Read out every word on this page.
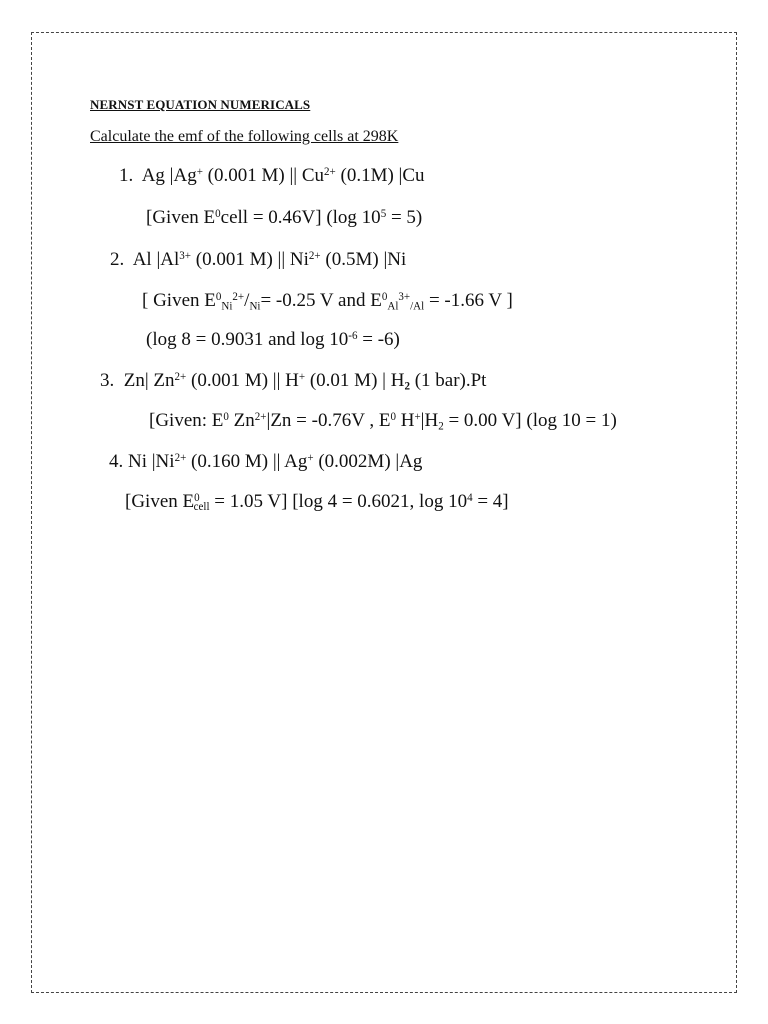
NERNST EQUATION NUMERICALS
Calculate the emf of the following cells at 298K
1. Ag |Ag+ (0.001 M) || $Cu^{2+}$ (0.1M) |Cu
[Given $E^0cell = 0.46V$] (log $10^5 = 5$)
2. Al $|Al^{3+}$ (0.001 M) || $Ni^{2+}$ (0.5M) |Ni
[ Given $E^0_{Ni}^{2+}/_{Ni}= -0.25$ V and $E^0_{Al}^{3+}_{/Al} = -1.66$ V ]
(log 8 = 0.9031 and $\log 10^{-6} = -6$)
3. Zn| $Zn^{2+}$ (0.001 M) || H+ (0.01 M) | $H_2$ (1 bar).Pt
[Given: $E^0$ $Zn^{2+}|Zn = -0.76V$ , $E^0$ $H^+|H_2 = 0.00$ V] (log 10 = 1)
4. Ni $|Ni^{2+}$ (0.160 M) || Ag+ (0.002M) |Ag
[Given $E^0_{cell} = 1.05$ V] [log 4 = 0.6021, $\log 10^4 = 4$]
